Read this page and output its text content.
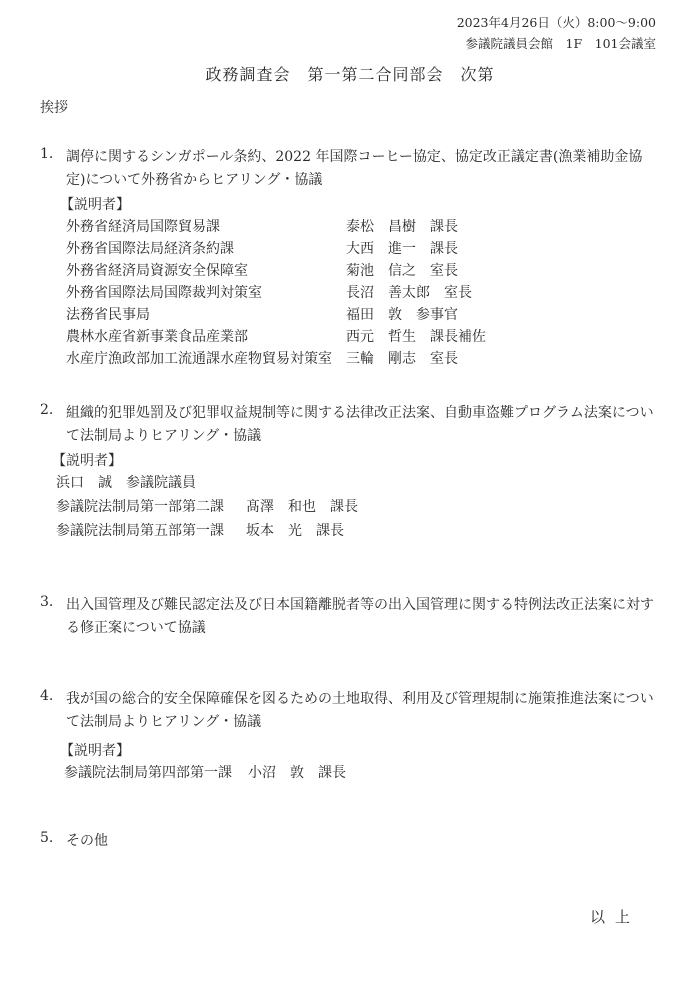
2023年4月26日（火）8:00〜9:00
参議院議員会館　1F　101会議室
政務調査会　第一第二合同部会　次第
挨拶
1. 調停に関するシンガポール条約、2022 年国際コーヒー協定、協定改正議定書(漁業補助金協定)について外務省からヒアリング・協議
【説明者】
外務省経済局国際貿易課	泰松　昌樹　課長
外務省国際法局経済条約課	大西　進一　課長
外務省経済局資源安全保障室	菊池　信之　室長
外務省国際法局国際裁判対策室	長沼　善太郎　室長
法務省民事局	福田　敦　参事官
農林水産省新事業食品産業部	西元　哲生　課長補佐
水産庁漁政部加工流通課水産物貿易対策室	三輪　剛志　室長
2. 組織的犯罪処罰及び犯罪収益規制等に関する法律改正法案、自動車盗難プログラム法案について法制局よりヒアリング・協議
【説明者】
浜口　誠　参議院議員
参議院法制局第一部第二課	髙澤　和也　課長
参議院法制局第五部第一課	坂本　光　課長
3. 出入国管理及び難民認定法及び日本国籍離脱者等の出入国管理に関する特例法改正法案に対する修正案について協議
4. 我が国の総合的安全保障確保を図るための土地取得、利用及び管理規制に施策推進法案について法制局よりヒアリング・協議
【説明者】
参議院法制局第四部第一課	小沼　敦　課長
5. その他
以上
